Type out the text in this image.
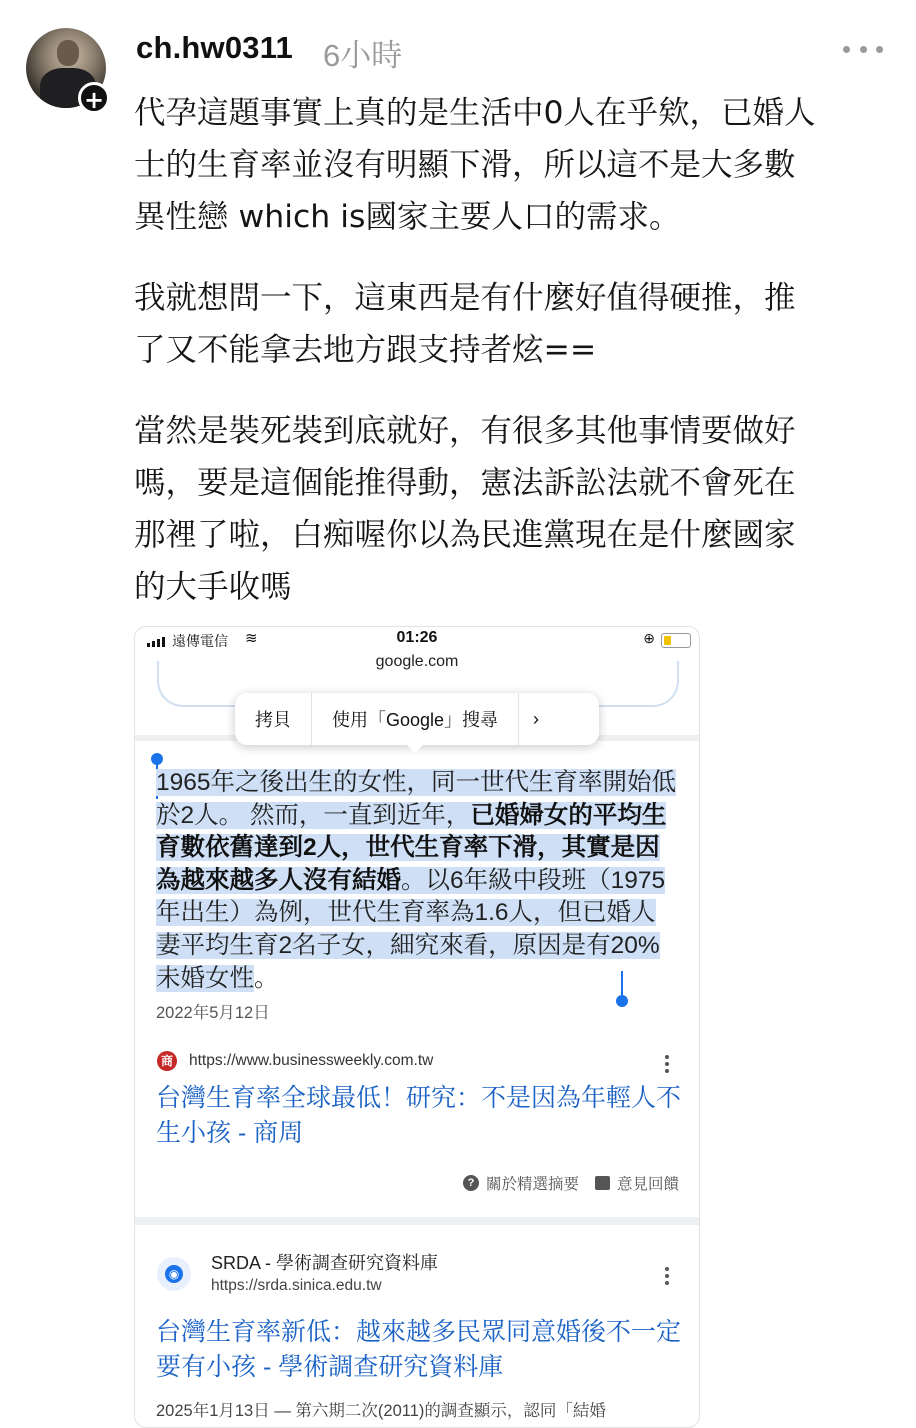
+
ch.hw0311 6小時

代孕這題事實上真的是生活中0人在乎欸，已婚人
士的生育率並沒有明顯下滑，所以這不是大多數
異性戀 which is國家主要人口的需求。

我就想問一下，這東西是有什麼好值得硬推，推
了又不能拿去地方跟支持者炫==

當然是裝死裝到底就好，有很多其他事情要做好
嗎，要是這個能推得動，憲法訴訟法就不會死在
那裡了啦，白痴喔你以為民進黨現在是什麼國家
的大手收嗎

遠傳電信 ≋	01:26	⊕
google.com
拷貝	使用「Google」搜尋	›
1965年之後出生的女性，同一世代生育率開始低於2人。 然而，一直到近年，已婚婦女的平均生育數依舊達到2人，世代生育率下滑，其實是因為越來越多人沒有結婚。以6年級中段班（1975年出生）為例，世代生育率為1.6人，但已婚人妻平均生育2名子女，細究來看，原因是有20%未婚女性。
2022年5月12日
商 https://www.businessweekly.com.tw
台灣生育率全球最低！研究：不是因為年輕人不生小孩 - 商周
? 關於精選摘要 意見回饋
◉
SRDA - 學術調查研究資料庫
https://srda.sinica.edu.tw
台灣生育率新低：越來越多民眾同意婚後不一定要有小孩 - 學術調查研究資料庫
2025年1月13日 — 第六期二次(2011)的調查顯示，認同「結婚
